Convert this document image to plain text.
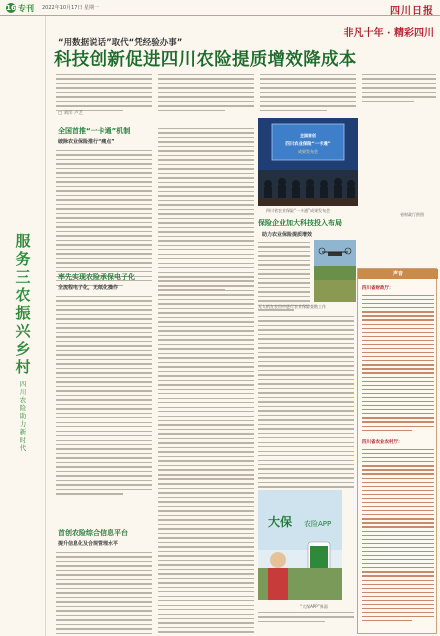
16 专刊 2022年10月17日 星期一	四川日报
服务三农 振兴乡村
四川农险助力新时代
非凡十年 · 精彩四川
“用数据说话”取代“凭经验办事”
科技创新促进四川农险提质增效降成本
□ 刘洋 卢艺
全国首推“一卡通”机制
破除农业保险推行“痛点”
全国首创
四川农业保险“一卡通”
成果发布会
四川省农业保险“一卡通”成果发布会
省财政厅供图
率先实现农险承保电子化
全流程电子化，无纸化操作
保险企业加大科技投入布局
助力农业保险提质增效
无人机在农田中进行农业保险查勘工作
首创农险综合信息平台
提升信息化及合规管理水平
大保 农险APP
“大保APP”界面
声音
四川省财政厅：
四川省农业农村厅：
